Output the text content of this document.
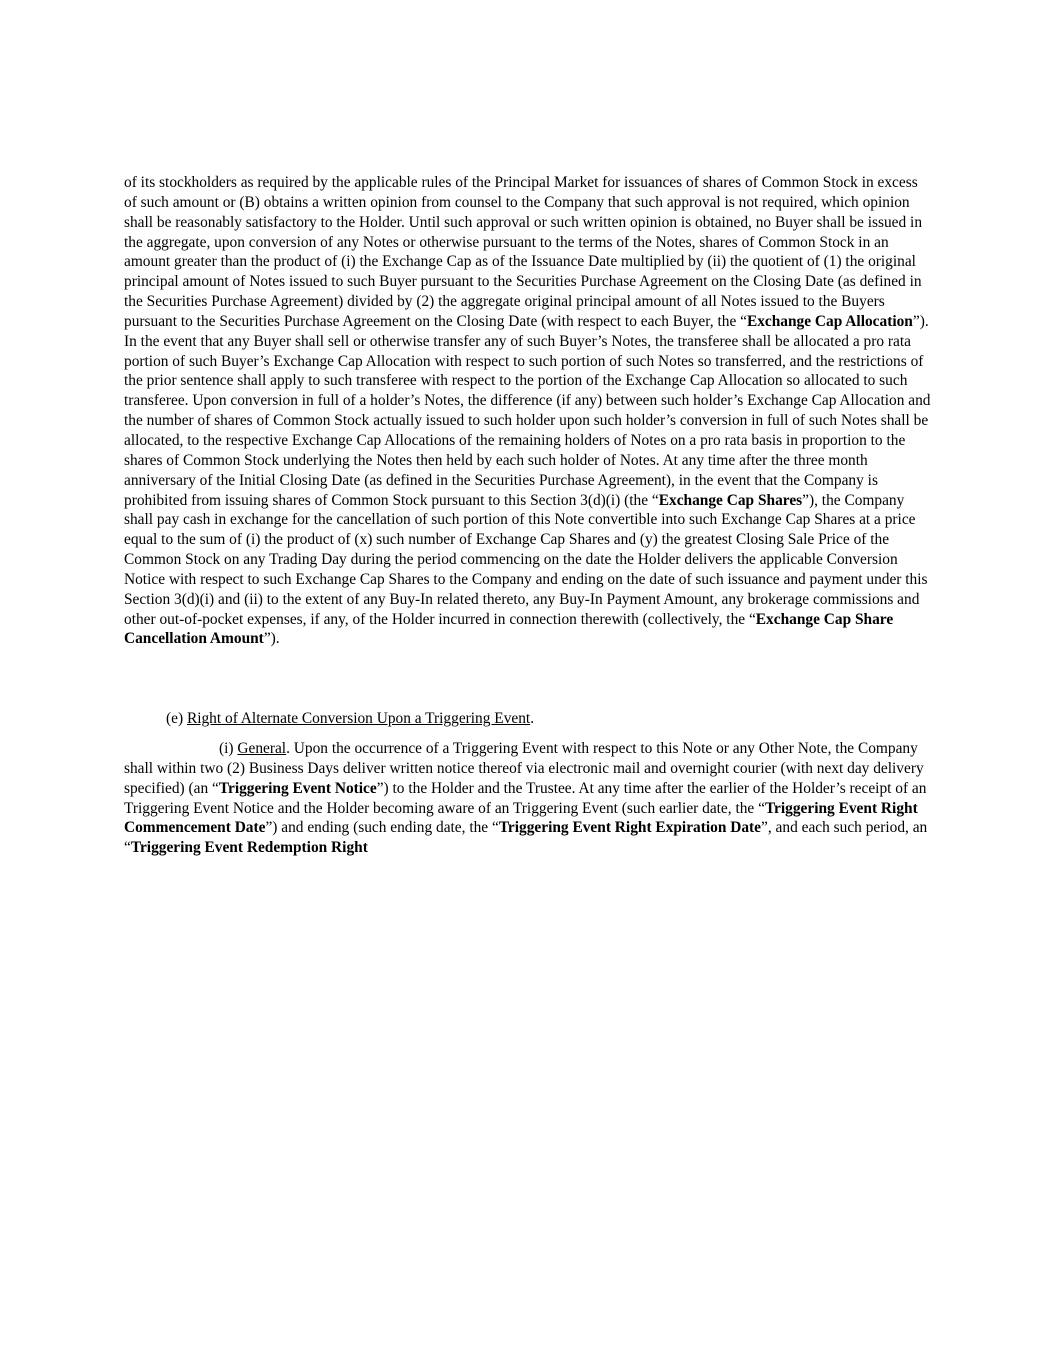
of its stockholders as required by the applicable rules of the Principal Market for issuances of shares of Common Stock in excess of such amount or (B) obtains a written opinion from counsel to the Company that such approval is not required, which opinion shall be reasonably satisfactory to the Holder. Until such approval or such written opinion is obtained, no Buyer shall be issued in the aggregate, upon conversion of any Notes or otherwise pursuant to the terms of the Notes, shares of Common Stock in an amount greater than the product of (i) the Exchange Cap as of the Issuance Date multiplied by (ii) the quotient of (1) the original principal amount of Notes issued to such Buyer pursuant to the Securities Purchase Agreement on the Closing Date (as defined in the Securities Purchase Agreement) divided by (2) the aggregate original principal amount of all Notes issued to the Buyers pursuant to the Securities Purchase Agreement on the Closing Date (with respect to each Buyer, the “Exchange Cap Allocation”). In the event that any Buyer shall sell or otherwise transfer any of such Buyer’s Notes, the transferee shall be allocated a pro rata portion of such Buyer’s Exchange Cap Allocation with respect to such portion of such Notes so transferred, and the restrictions of the prior sentence shall apply to such transferee with respect to the portion of the Exchange Cap Allocation so allocated to such transferee. Upon conversion in full of a holder’s Notes, the difference (if any) between such holder’s Exchange Cap Allocation and the number of shares of Common Stock actually issued to such holder upon such holder’s conversion in full of such Notes shall be allocated, to the respective Exchange Cap Allocations of the remaining holders of Notes on a pro rata basis in proportion to the shares of Common Stock underlying the Notes then held by each such holder of Notes. At any time after the three month anniversary of the Initial Closing Date (as defined in the Securities Purchase Agreement), in the event that the Company is prohibited from issuing shares of Common Stock pursuant to this Section 3(d)(i) (the “Exchange Cap Shares”), the Company shall pay cash in exchange for the cancellation of such portion of this Note convertible into such Exchange Cap Shares at a price equal to the sum of (i) the product of (x) such number of Exchange Cap Shares and (y) the greatest Closing Sale Price of the Common Stock on any Trading Day during the period commencing on the date the Holder delivers the applicable Conversion Notice with respect to such Exchange Cap Shares to the Company and ending on the date of such issuance and payment under this Section 3(d)(i) and (ii) to the extent of any Buy-In related thereto, any Buy-In Payment Amount, any brokerage commissions and other out-of-pocket expenses, if any, of the Holder incurred in connection therewith (collectively, the “Exchange Cap Share Cancellation Amount”).
(e) Right of Alternate Conversion Upon a Triggering Event.
(i) General. Upon the occurrence of a Triggering Event with respect to this Note or any Other Note, the Company shall within two (2) Business Days deliver written notice thereof via electronic mail and overnight courier (with next day delivery specified) (an “Triggering Event Notice”) to the Holder and the Trustee. At any time after the earlier of the Holder’s receipt of an Triggering Event Notice and the Holder becoming aware of an Triggering Event (such earlier date, the “Triggering Event Right Commencement Date”) and ending (such ending date, the “Triggering Event Right Expiration Date”, and each such period, an “Triggering Event Redemption Right
